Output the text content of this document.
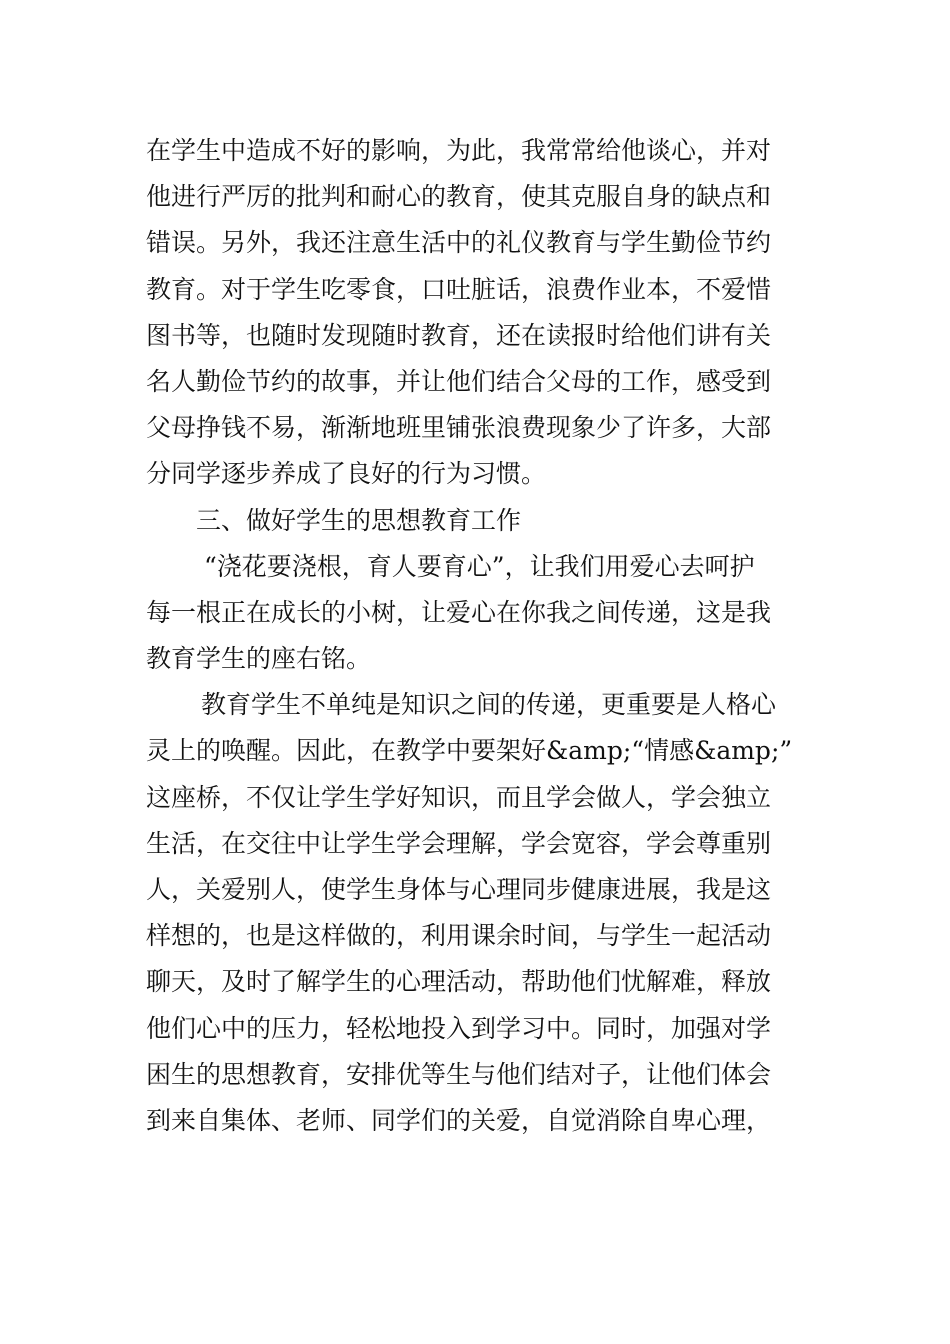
在学生中造成不好的影响，为此，我常常给他谈心，并对
他进行严厉的批判和耐心的教育，使其克服自身的缺点和
错误。另外，我还注意生活中的礼仪教育与学生勤俭节约
教育。对于学生吃零食，口吐脏话，浪费作业本，不爱惜
图书等，也随时发现随时教育，还在读报时给他们讲有关
名人勤俭节约的故事，并让他们结合父母的工作，感受到
父母挣钱不易，渐渐地班里铺张浪费现象少了许多，大部
分同学逐步养成了良好的行为习惯。
三、做好学生的思想教育工作
“浇花要浇根，育人要育心”，让我们用爱心去呵护
每一根正在成长的小树，让爱心在你我之间传递，这是我
教育学生的座右铭。
教育学生不单纯是知识之间的传递，更重要是人格心
灵上的唤醒。因此，在教学中要架好&amp;“情感&amp;”
这座桥，不仅让学生学好知识，而且学会做人，学会独立
生活，在交往中让学生学会理解，学会宽容，学会尊重别
人，关爱别人，使学生身体与心理同步健康进展，我是这
样想的，也是这样做的，利用课余时间，与学生一起活动
聊天，及时了解学生的心理活动，帮助他们忧解难，释放
他们心中的压力，轻松地投入到学习中。同时，加强对学
困生的思想教育，安排优等生与他们结对子，让他们体会
到来自集体、老师、同学们的关爱，自觉消除自卑心理，
